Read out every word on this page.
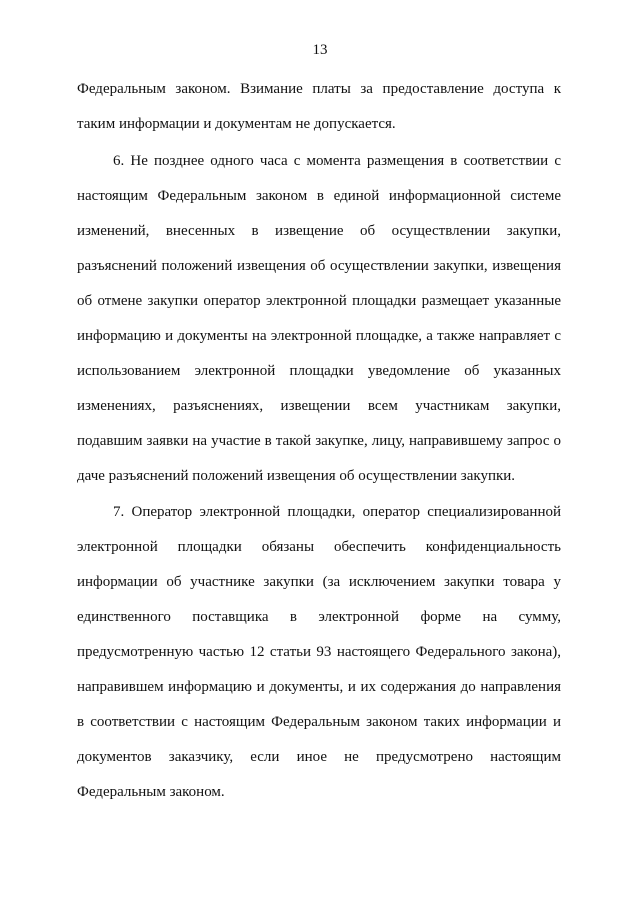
13
Федеральным законом. Взимание платы за предоставление доступа к
таким информации и документам не допускается.
6. Не позднее одного часа с момента размещения в соответствии с
настоящим Федеральным законом в единой информационной системе
изменений, внесенных в извещение об осуществлении закупки,
разъяснений положений извещения об осуществлении закупки, извещения
об отмене закупки оператор электронной площадки размещает указанные
информацию и документы на электронной площадке, а также направляет с
использованием электронной площадки уведомление об указанных
изменениях, разъяснениях, извещении всем участникам закупки,
подавшим заявки на участие в такой закупке, лицу, направившему запрос о
даче разъяснений положений извещения об осуществлении закупки.
7. Оператор электронной площадки, оператор специализированной
электронной площадки обязаны обеспечить конфиденциальность
информации об участнике закупки (за исключением закупки товара у
единственного поставщика в электронной форме на сумму,
предусмотренную частью 12 статьи 93 настоящего Федерального закона),
направившем информацию и документы, и их содержания до направления
в соответствии с настоящим Федеральным законом таких информации и
документов заказчику, если иное не предусмотрено настоящим
Федеральным законом.
